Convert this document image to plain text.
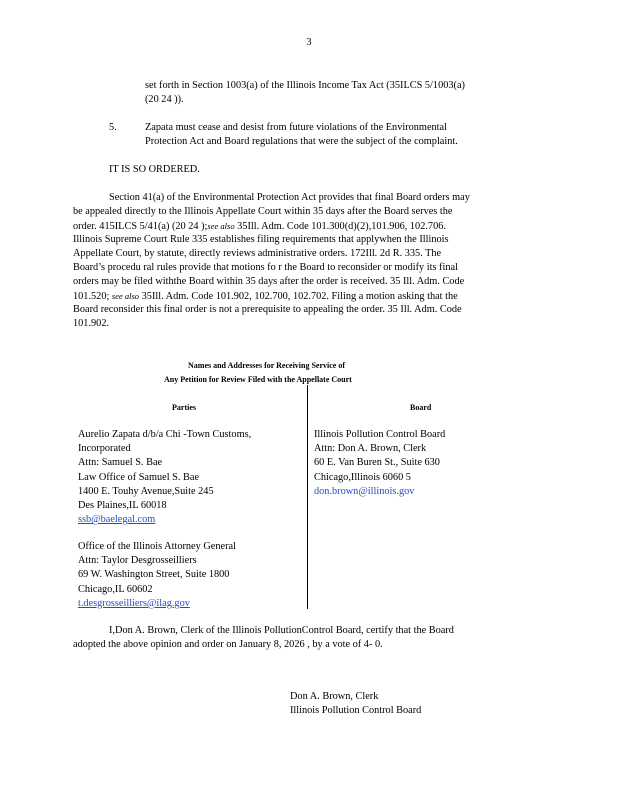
3
set forth in Section 1003(a) of the Illinois Income Tax Act (35ILCS 5/1003(a)
(20 24 )).
5.	Zapata must cease and desist from future violations of the Environmental
Protection Act and Board regulations that were the subject of the complaint.
IT IS SO ORDERED.
Section 41(a) of the Environmental Protection Act provides that final Board orders may
be appealed directly to the Illinois Appellate Court within 35 days after the Board serves the
order. 415ILCS 5/41(a) (20 24 );see also 35Ill. Adm. Code 101.300(d)(2),101.906, 102.706.
Illinois Supreme Court Rule 335 establishes filing requirements that applywhen the Illinois
Appellate Court, by statute, directly reviews administrative orders. 172Ill. 2d R. 335. The
Board’s procedu ral rules provide that motions fo r the Board to reconsider or modify its final
orders may be filed withthe Board within 35 days after the order is received. 35 Ill. Adm. Code
101.520; see also 35Ill. Adm. Code 101.902, 102.700, 102.702. Filing a motion asking that the
Board reconsider this final order is not a prerequisite to appealing the order. 35 Ill. Adm. Code
101.902.
Names and Addresses for Receiving Service of
Any Petition for Review Filed with the Appellate Court
Parties	Board
Aurelio Zapata d/b/a Chi -Town Customs,
Incorporated
Attn: Samuel S. Bae
Law Office of Samuel S. Bae
1400 E. Touhy Avenue,Suite 245
Des Plaines,IL 60018
ssb@baelegal.com
Office of the Illinois Attorney General
Attn: Taylor Desgrosseilliers
69 W. Washington Street, Suite 1800
Chicago,IL 60602
t.desgrosseilliers@ilag.gov
Illinois Pollution Control Board
Attn: Don A. Brown, Clerk
60 E. Van Buren St., Suite 630
Chicago,Illinois 6060 5
don.brown@illinois.gov
I,Don A. Brown, Clerk of the Illinois PollutionControl Board, certify that the Board
adopted the above opinion and order on January 8, 2026 , by a vote of 4- 0.
Don A. Brown, Clerk
Illinois Pollution Control Board
